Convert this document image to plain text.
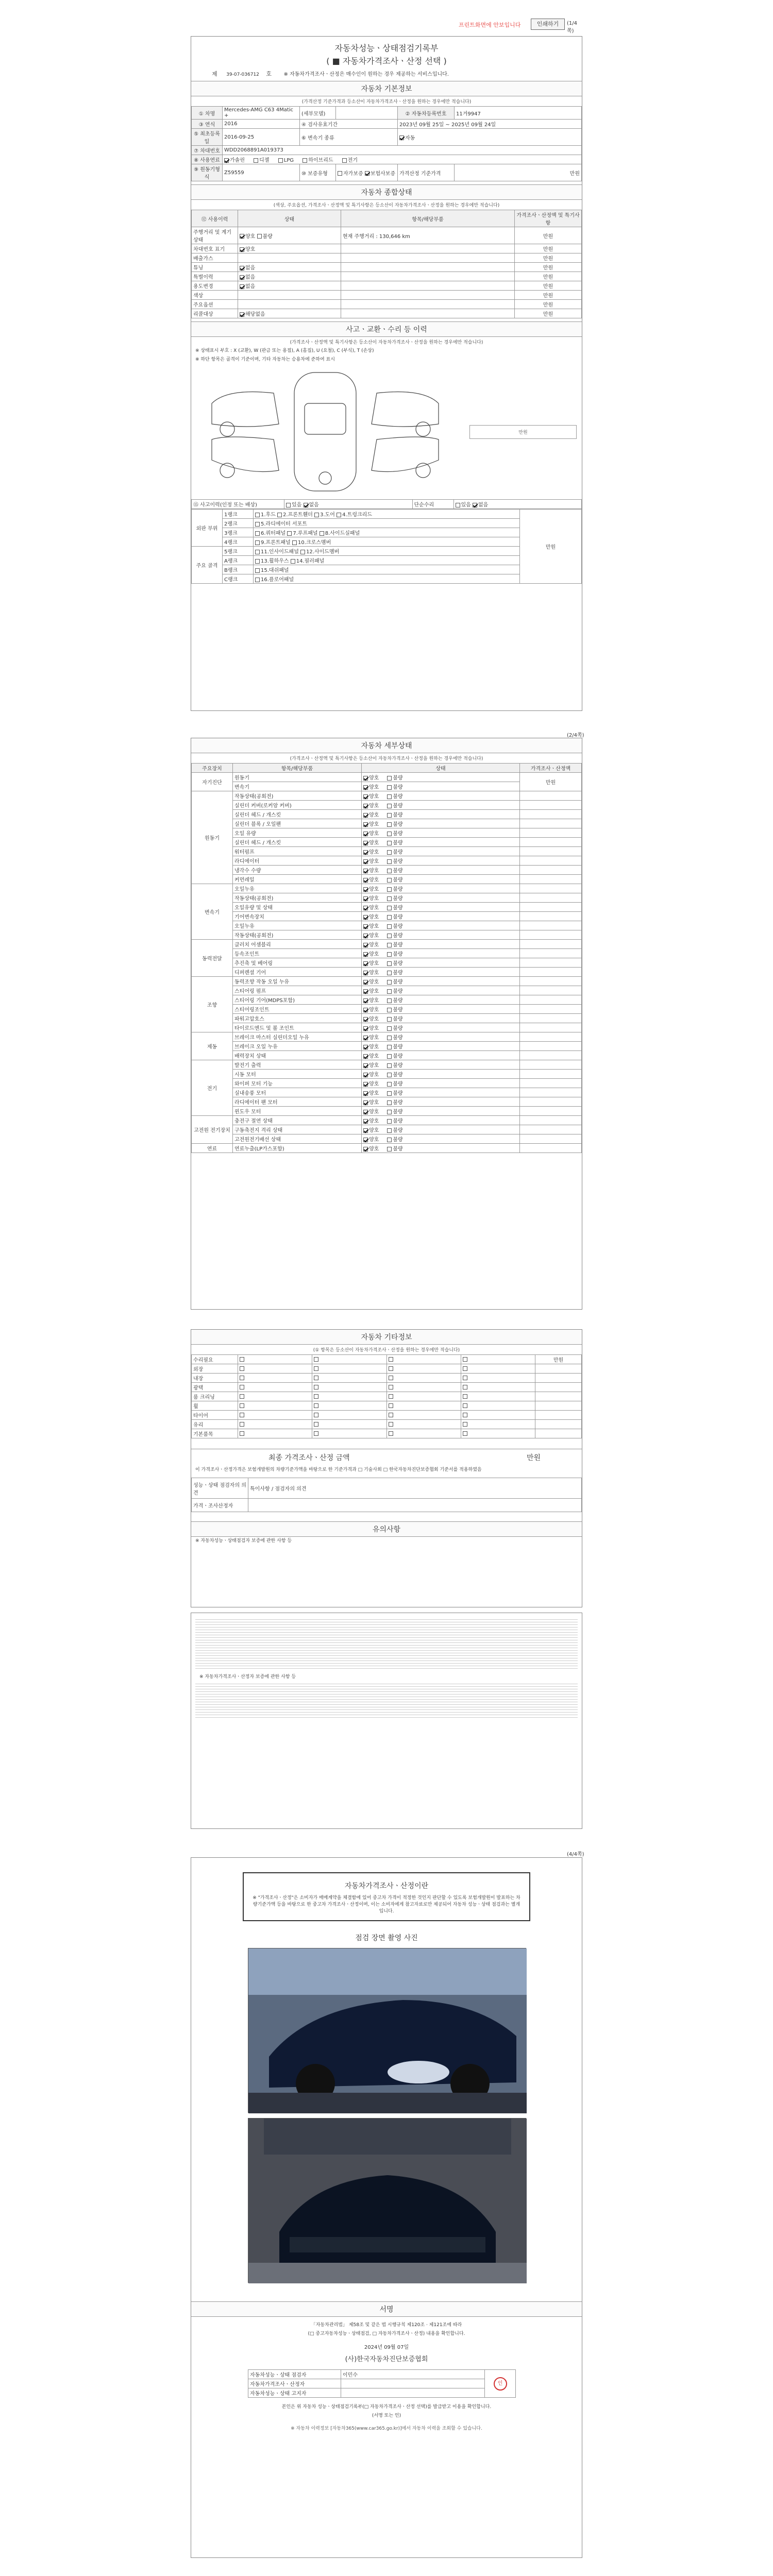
프린트화면에 안보입니다	인쇄하기	(1/4쪽)
자동차성능ㆍ상태점검기록부
( ■ 자동차가격조사ㆍ산정 선택 )
제 39-07-036712 호 ※ 자동차가격조사ㆍ산정은 매수인이 원하는 경우 제공하는 서비스입니다.
자동차 기본정보
(가격산정 기준가격과 등소산이 자동차가격조사ㆍ산정을 원하는 경우에만 적습니다)
① 차명	Mercedes-AMG C63 4Matic +	(세부모델)		② 자동차등록번호	11거9947
③ 연식	2016	④ 검사유효기간		2023년 09월 25일 ~ 2025년 09월 24일	
⑤ 최초등록일	2016-09-25	⑥ 변속기 종류		자동	
⑦ 차대번호	WDD2068891A019373				
⑧ 사용연료	가솔린 디젤 LPG 하이브리드 전기				
⑨ 원동기형식	Z59559	⑩ 보증유형	자가보증 보험사보증	가격산정 기준가격	만원
자동차 종합상태
(색상, 주요옵션, 가격조사ㆍ산정액 및 특기사항은 등소산이 자동차가격조사ㆍ산정을 원하는 경우에만 적습니다)
⑫ 사용이력	상태	항목/해당부품	가격조사ㆍ산정액 및 특기사항
주행거리 및 계기상태	양호 불량	현재 주행거리 : 130,646 km	만원
차대번호 표기	양호		만원
배출가스			만원
튜닝	없음		만원
특별이력	없음		만원
용도변경	없음		만원
색상			만원
주요옵션			만원
리콜대상	해당없음		만원
사고ㆍ교환ㆍ수리 등 이력
(가격조사ㆍ산정액 및 특기사항은 등소산이 자동차가격조사ㆍ산정을 원하는 경우에만 적습니다)
※ 상태표시 부호 : X (교환), W (판금 또는 용접), A (흠집), U (요철), C (부식), T (손상)
※ 하단 항목은 골격이 기준이며, 기타 자동차는 승용차에 준하여 표시
만원
⑮ 사고이력(인정 또는 배상)	있음 없음	단순수리	있음 없음
외판 부위	1랭크	1.후드 2.프론트휀더 3.도어 4.트렁크리드	만원
	2랭크	5.라디에이터 서포트	
	3랭크	6.쿼터패널 7.루프패널 8.사이드실패널	
	4랭크	9.프론트패널 10.크로스멤버	
주요 골격	5랭크	11.인사이드패널 12.사이드멤버	
	A랭크	13.휠하우스 14.필러패널	
	B랭크	15.대쉬패널	
	C랭크	16.플로어패널	
(2/4쪽)
자동차 세부상태
(가격조사ㆍ산정액 및 특기사항은 등소산이 자동차가격조사ㆍ산정을 원하는 경우에만 적습니다)
주요장치	항목/해당부품	상태	가격조사ㆍ산정액
자기진단	원동기	양호 불량	만원
	변속기	양호 불량	
원동기	작동상태(공회전)	양호 불량	
	실린더 커버(로커암 커버)	양호 불량	
	실린더 헤드 / 개스킷	양호 불량	
	실린더 블록 / 오일팬	양호 불량	
	오일 유량	양호 불량	
	실린더 헤드 / 개스킷	양호 불량	
	워터펌프	양호 불량	
	라디에이터	양호 불량	
	냉각수 수량	양호 불량	
	커먼레일	양호 불량	
변속기	오일누유	양호 불량	
	작동상태(공회전)	양호 불량	
	오일유량 및 상태	양호 불량	
	기어변속장치	양호 불량	
	오일누유	양호 불량	
	작동상태(공회전)	양호 불량	
동력전달	클러치 어셈블리	양호 불량	
	등속조인트	양호 불량	
	추진축 및 베어링	양호 불량	
	디퍼렌셜 기어	양호 불량	
조향	동력조향 작동 오일 누유	양호 불량	
	스티어링 펌프	양호 불량	
	스티어링 기어(MDPS포함)	양호 불량	
	스티어링조인트	양호 불량	
	파워고압호스	양호 불량	
	타이로드엔드 및 볼 조인트	양호 불량	
제동	브레이크 마스터 실린더오일 누유	양호 불량	
	브레이크 오일 누유	양호 불량	
	배력장치 상태	양호 불량	
전기	발전기 출력	양호 불량	
	시동 모터	양호 불량	
	와이퍼 모터 기능	양호 불량	
	실내송풍 모터	양호 불량	
	라디에이터 팬 모터	양호 불량	
	윈도우 모터	양호 불량	
고전원 전기장치	충전구 절연 상태	양호 불량	
	구동축전지 격리 상태	양호 불량	
	고전원전기배선 상태	양호 불량	
연료	연료누출(LP가스포함)	양호 불량	
자동차 기타정보
(① 항목은 등소산이 자동차가격조사ㆍ산정을 원하는 경우에만 적습니다)
수리필요					만원
외장					
내장					
광택					
룸 크리닝					
휠					
타이어					
유리					
기본품목					
최종 가격조사ㆍ산정 금액	만원
이 가격조사ㆍ산정가격은 보험개발원의 차량기준가액을 바탕으로 한 기준가격과 □ 기술사회 □ 한국자동차진단보증협회 기준서를 적용하였음
성능ㆍ상태 점검자의 의견	특이사항 / 점검자의 의견
가격ㆍ조사산정자	
유의사항
※ 자동차성능ㆍ상태점검자 보증에 관한 사항 등
※ 자동차가격조사ㆍ산정자 보증에 관한 사항 등
(4/4쪽)
자동차가격조사ㆍ산정이란
※ "가격조사ㆍ산정"은 소비자가 매매계약을 체결함에 있어 중고차 가격이 적정한 것인지 판단할 수 있도록 보험개발원이 발표하는 차량기준가액 등을 바탕으로 한 중고차 가격조사ㆍ산정이며, 이는 소비자에게 참고자료로만 제공되어 자동차 성능ㆍ상태 점검과는 별개입니다.
점검 장면 촬영 사진
서명
「자동차관리법」 제58조 및 같은 법 시행규칙 제120조 · 제121조에 따라
(□ 중고자동차성능ㆍ상태점검, □ 자동차가격조사ㆍ산정) 내용을 확인합니다.
2024년 09월 07일
(사)한국자동차진단보증협회
자동차성능ㆍ상태 점검자	이민수	인
자동차가격조사ㆍ산정자		
자동차성능ㆍ상태 고지자		
본인은 위 자동차 성능ㆍ상태점검기록부(□ 자동차가격조사ㆍ산정 선택)를 발급받고 이용을 확인합니다.
(서명 또는 인)
※ 자동차 이력정보 [자동차365(www.car365.go.kr)]에서 자동차 이력을 조회할 수 있습니다.
